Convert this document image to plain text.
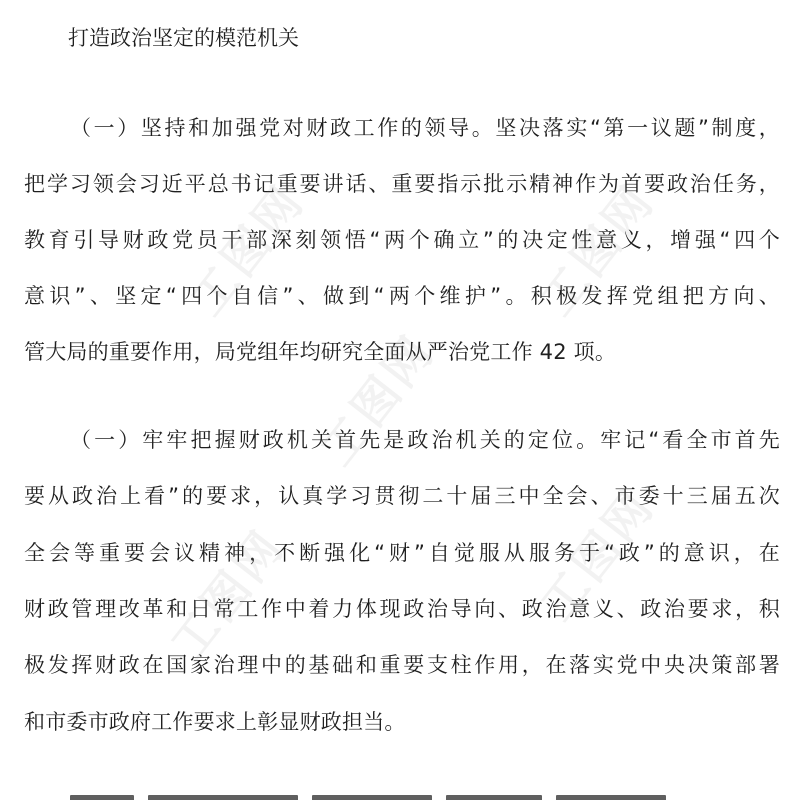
打造政治坚定的模范机关
（一）坚持和加强党对财政工作的领导。坚决落实“第一议题”制度，
把学习领会习近平总书记重要讲话、重要指示批示精神作为首要政治任务，
教育引导财政党员干部深刻领悟“两个确立”的决定性意义，增强“四个
意识”、坚定“四个自信”、做到“两个维护”。积极发挥党组把方向、
管大局的重要作用，局党组年均研究全面从严治党工作 42 项。
（一）牢牢把握财政机关首先是政治机关的定位。牢记“看全市首先
要从政治上看”的要求，认真学习贯彻二十届三中全会、市委十三届五次
全会等重要会议精神，不断强化“财”自觉服从服务于“政”的意识，在
财政管理改革和日常工作中着力体现政治导向、政治意义、政治要求，积
极发挥财政在国家治理中的基础和重要支柱作用，在落实党中央决策部署
和市委市政府工作要求上彰显财政担当。
工图网	工图网
工图网
工图网	工图网
